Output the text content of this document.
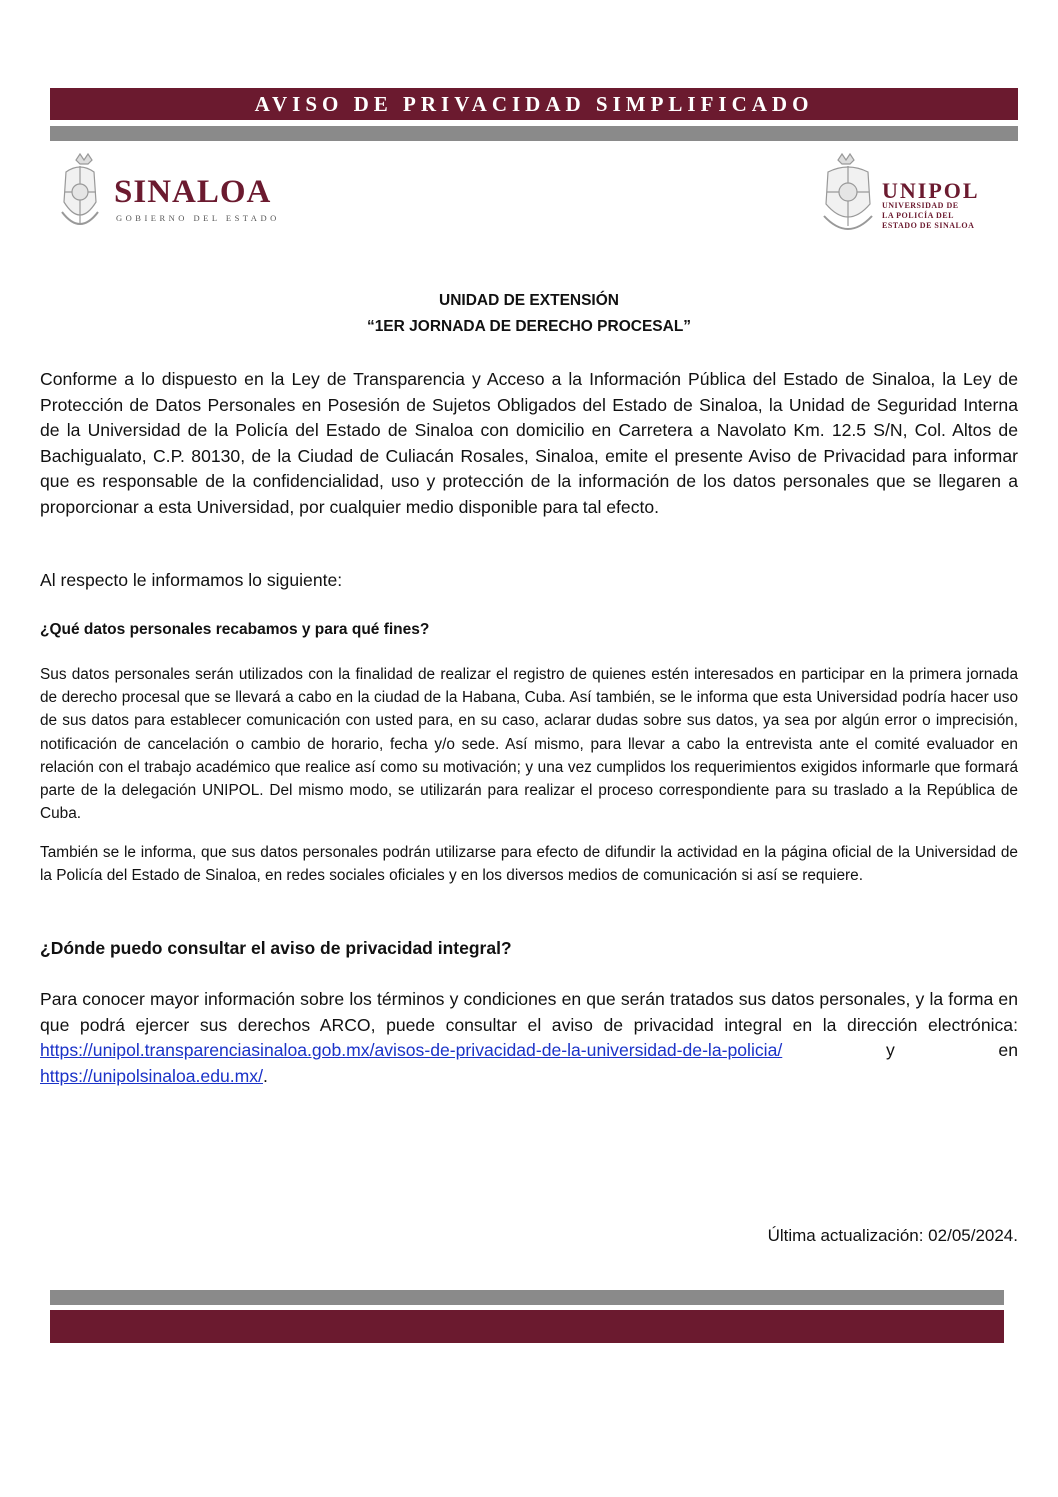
AVISO DE PRIVACIDAD SIMPLIFICADO
SINALOA
GOBIERNO DEL ESTADO
UNIPOL
UNIVERSIDAD DE
LA POLICÍA DEL
ESTADO DE SINALOA
UNIDAD DE EXTENSIÓN
“1ER JORNADA DE DERECHO PROCESAL”

Conforme a lo dispuesto en la Ley de Transparencia y Acceso a la Información Pública del Estado de Sinaloa, la Ley de Protección de Datos Personales en Posesión de Sujetos Obligados del Estado de Sinaloa, la Unidad de Seguridad Interna de la Universidad de la Policía del Estado de Sinaloa con domicilio en Carretera a Navolato Km. 12.5 S/N, Col. Altos de Bachigualato, C.P. 80130, de la Ciudad de Culiacán Rosales, Sinaloa, emite el presente Aviso de Privacidad para informar que es responsable de la confidencialidad, uso y protección de la información de los datos personales que se llegaren a proporcionar a esta Universidad, por cualquier medio disponible para tal efecto.

Al respecto le informamos lo siguiente:

¿Qué datos personales recabamos y para qué fines?

Sus datos personales serán utilizados con la finalidad de realizar el registro de quienes estén interesados en participar en la primera jornada de derecho procesal que se llevará a cabo en la ciudad de la Habana, Cuba. Así también, se le informa que esta Universidad podría hacer uso de sus datos para establecer comunicación con usted para, en su caso, aclarar dudas sobre sus datos, ya sea por algún error o imprecisión, notificación de cancelación o cambio de horario, fecha y/o sede. Así mismo, para llevar a cabo la entrevista ante el comité evaluador en relación con el trabajo académico que realice así como su motivación; y una vez cumplidos los requerimientos exigidos informarle que formará parte de la delegación UNIPOL. Del mismo modo, se utilizarán para realizar el proceso correspondiente para su traslado a la República de Cuba.

También se le informa, que sus datos personales podrán utilizarse para efecto de difundir la actividad en la página oficial de la Universidad de la Policía del Estado de Sinaloa, en redes sociales oficiales y en los diversos medios de comunicación si así se requiere.

¿Dónde puedo consultar el aviso de privacidad integral?

Para conocer mayor información sobre los términos y condiciones en que serán tratados sus datos personales, y la forma en que podrá ejercer sus derechos ARCO, puede consultar el aviso de privacidad integral en la dirección electrónica: https://unipol.transparenciasinaloa.gob.mx/avisos-de-privacidad-de-la-universidad-de-la-policia/ y en https://unipolsinaloa.edu.mx/.

Última actualización: 02/05/2024.
